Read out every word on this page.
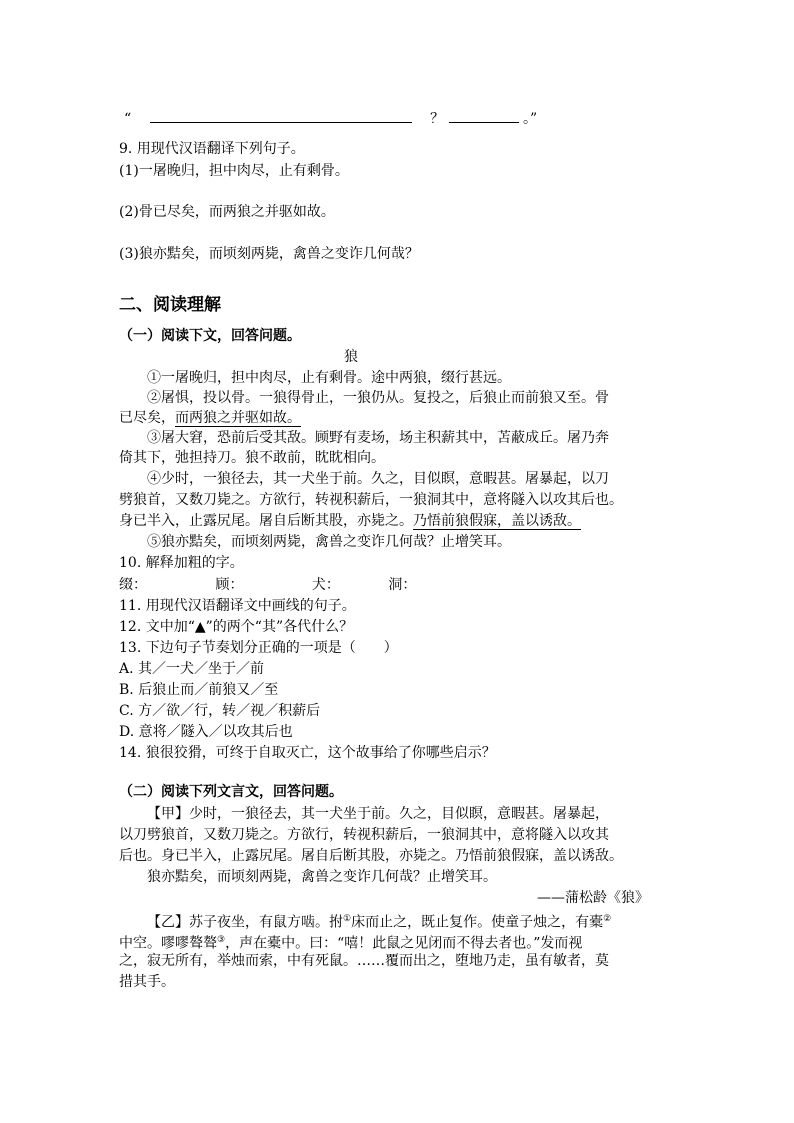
“	？	。”
9. 用现代汉语翻译下列句子。
(1)一屠晚归，担中肉尽，止有剩骨。
(2)骨已尽矣，而两狼之并驱如故。
(3)狼亦黠矣，而顷刻两毙，禽兽之变诈几何哉？
二、阅读理解
（一）阅读下文，回答问题。
狼
①一屠晚归，担中肉尽，止有剩骨。途中两狼，缀行甚远。
②屠惧，投以骨。一狼得骨止，一狼仍从。复投之，后狼止而前狼又至。骨
已尽矣，而两狼之并驱如故。
③屠大窘，恐前后受其敌。顾野有麦场，场主积薪其中，苫蔽成丘。屠乃奔
倚其下，弛担持刀。狼不敢前，眈眈相向。
④少时，一狼径去，其一犬坐于前。久之，目似瞑，意暇甚。屠暴起，以刀
劈狼首，又数刀毙之。方欲行，转视积薪后，一狼洞其中，意将隧入以攻其后也。
身已半入，止露尻尾。屠自后断其股，亦毙之。乃悟前狼假寐，盖以诱敌。
⑤狼亦黠矣，而顷刻两毙，禽兽之变诈几何哉？止增笑耳。
10. 解释加粗的字。
缀：	顾：	犬：	洞：
11. 用现代汉语翻译文中画线的句子。
12. 文中加“▲”的两个“其”各代什么？
13. 下边句子节奏划分正确的一项是（　　）
A. 其／一犬／坐于／前
B. 后狼止而／前狼又／至
C. 方／欲／行，转／视／积薪后
D. 意将／隧入／以攻其后也
14. 狼很狡猾，可终于自取灭亡，这个故事给了你哪些启示？
（二）阅读下列文言文，回答问题。
【甲】少时，一狼径去，其一犬坐于前。久之，目似瞑，意暇甚。屠暴起，
以刀劈狼首，又数刀毙之。方欲行，转视积薪后，一狼洞其中，意将隧入以攻其
后也。身已半入，止露尻尾。屠自后断其股，亦毙之。乃悟前狼假寐，盖以诱敌。
狼亦黠矣，而顷刻两毙，禽兽之变诈几何哉？止增笑耳。
——蒲松龄《狼》
【乙】苏子夜坐，有鼠方啮。拊①床而止之，既止复作。使童子烛之，有橐②
中空。嘐嘐聱聱③，声在橐中。曰：“嘻！此鼠之见闭而不得去者也。”发而视
之，寂无所有，举烛而索，中有死鼠。……覆而出之，堕地乃走，虽有敏者，莫
措其手。
